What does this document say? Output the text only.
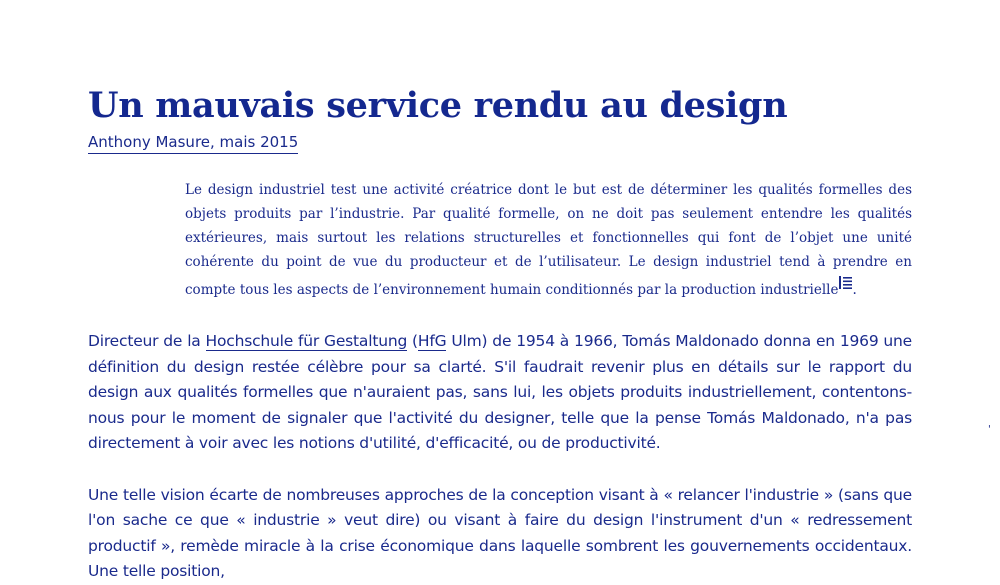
Un mauvais service rendu au design
Anthony Masure, mais 2015
Le design industriel test une activité créatrice dont le but est de déterminer les qualités formelles des objets produits par l’industrie. Par qualité formelle, on ne doit pas seulement entendre les qualités extérieures, mais surtout les relations structurelles et fonctionnelles qui font de l’objet une unité cohérente du point de vue du producteur et de l’utilisateur. Le design industriel tend à prendre en compte tous les aspects de l’environnement humain conditionnés par la production industrielle .

Directeur de la Hochschule für Gestaltung (HfG Ulm) de 1954 à 1966, Tomás Maldonado donna en 1969 une définition du design restée célèbre pour sa clarté. S'il faudrait revenir plus en détails sur le rapport du design aux qualités formelles que n'auraient pas, sans lui, les objets produits industriellement, contentons-nous pour le moment de signaler que l'activité du designer, telle que la pense Tomás Maldonado, n'a pas directement à voir avec les notions d'utilité, d'efficacité, ou de productivité.

Une telle vision écarte de nombreuses approches de la conception visant à « relancer l'industrie » (sans que l'on sache ce que « industrie » veut dire) ou visant à faire du design l'instrument d'un « redressement productif », remède miracle à la crise économique dans laquelle sombrent les gouvernements occidentaux. Une telle position,

'
